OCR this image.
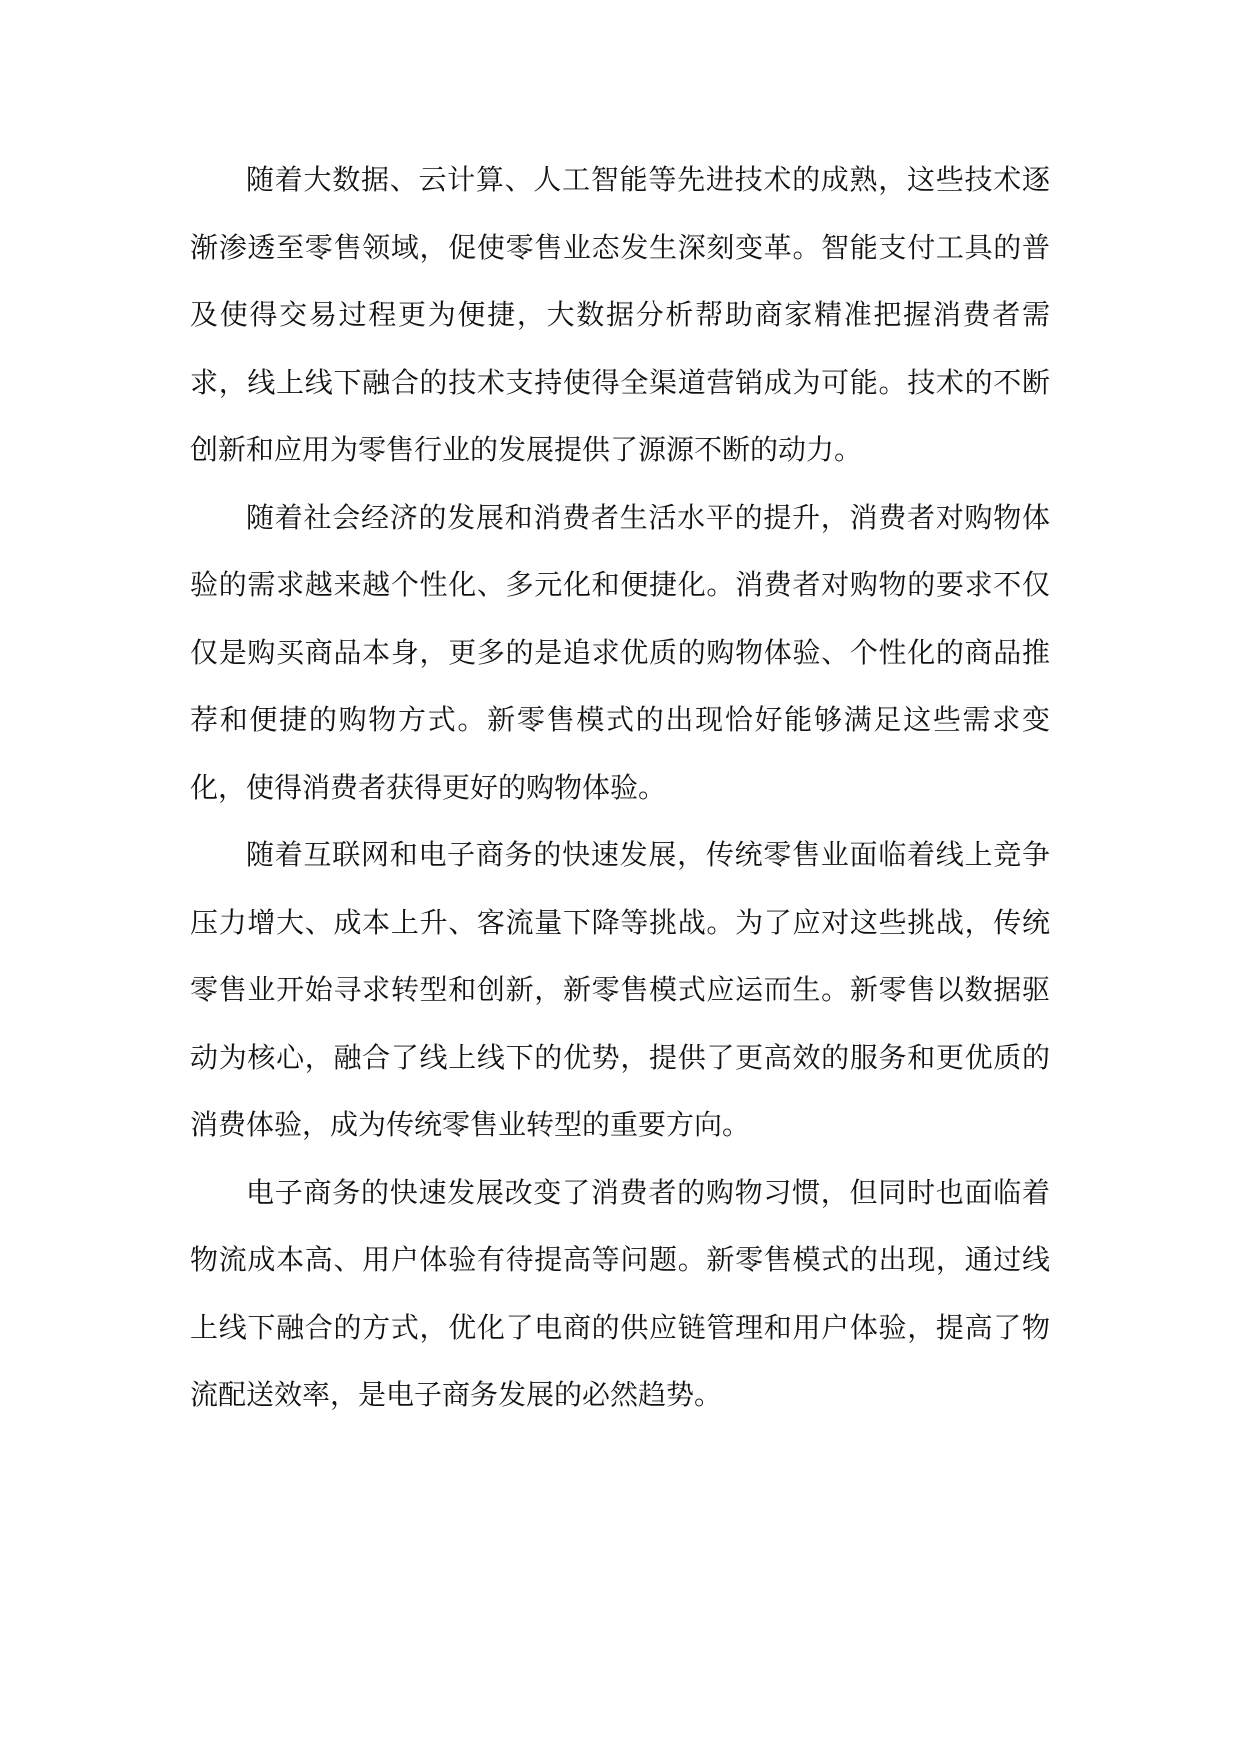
随着大数据、云计算、人工智能等先进技术的成熟，这些技术逐渐渗透至零售领域，促使零售业态发生深刻变革。智能支付工具的普及使得交易过程更为便捷，大数据分析帮助商家精准把握消费者需求，线上线下融合的技术支持使得全渠道营销成为可能。技术的不断创新和应用为零售行业的发展提供了源源不断的动力。

随着社会经济的发展和消费者生活水平的提升，消费者对购物体验的需求越来越个性化、多元化和便捷化。消费者对购物的要求不仅仅是购买商品本身，更多的是追求优质的购物体验、个性化的商品推荐和便捷的购物方式。新零售模式的出现恰好能够满足这些需求变化，使得消费者获得更好的购物体验。

随着互联网和电子商务的快速发展，传统零售业面临着线上竞争压力增大、成本上升、客流量下降等挑战。为了应对这些挑战，传统零售业开始寻求转型和创新，新零售模式应运而生。新零售以数据驱动为核心，融合了线上线下的优势，提供了更高效的服务和更优质的消费体验，成为传统零售业转型的重要方向。

电子商务的快速发展改变了消费者的购物习惯，但同时也面临着物流成本高、用户体验有待提高等问题。新零售模式的出现，通过线上线下融合的方式，优化了电商的供应链管理和用户体验，提高了物流配送效率，是电子商务发展的必然趋势。
